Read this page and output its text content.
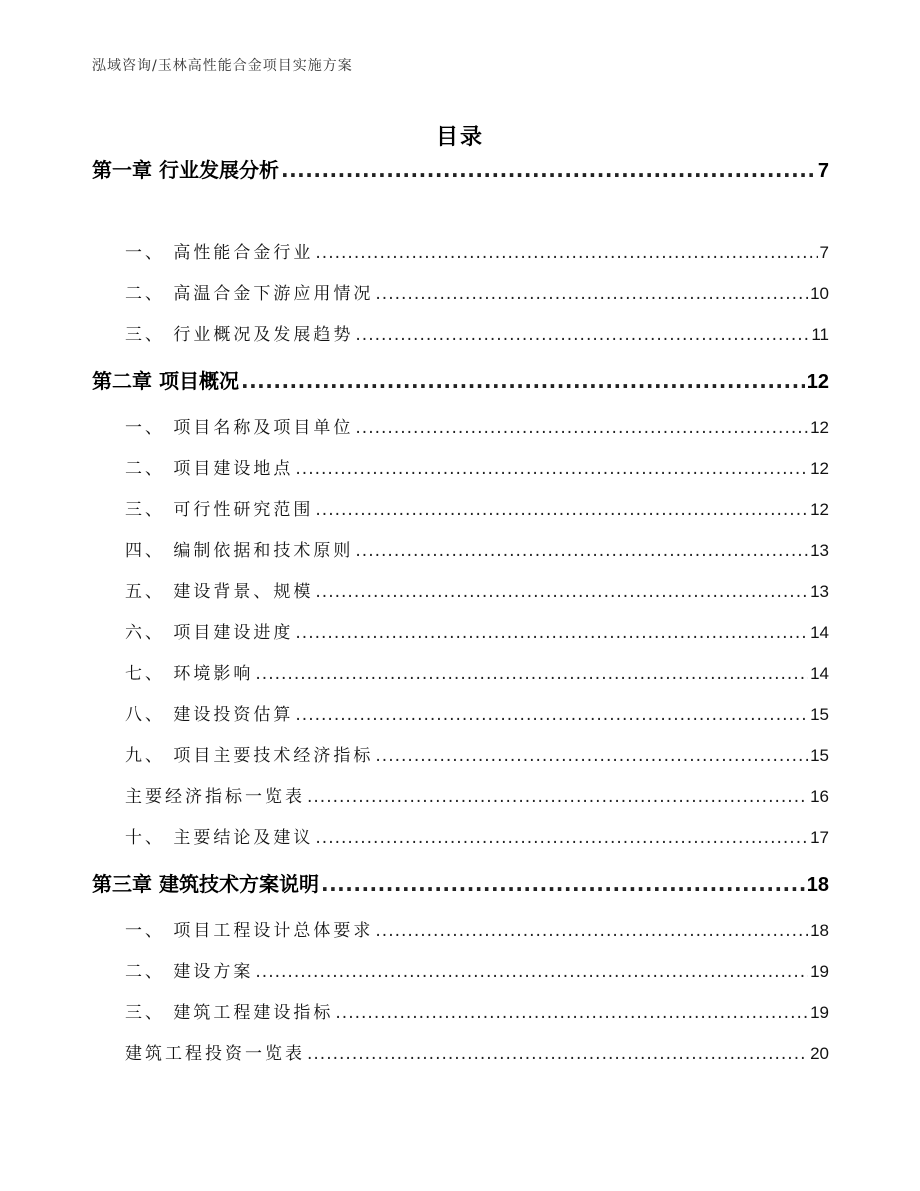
泓域咨询/玉林高性能合金项目实施方案
目录
第一章 行业发展分析 .....	7
一、 高性能合金行业 .....	7
二、 高温合金下游应用情况 .....	10
三、 行业概况及发展趋势 .....	11
第二章 项目概况 .....	12
一、 项目名称及项目单位 .....	12
二、 项目建设地点 .....	12
三、 可行性研究范围 .....	12
四、 编制依据和技术原则 .....	13
五、 建设背景、规模 .....	13
六、 项目建设进度 .....	14
七、 环境影响 .....	14
八、 建设投资估算 .....	15
九、 项目主要技术经济指标 .....	15
主要经济指标一览表 .....	16
十、 主要结论及建议 .....	17
第三章 建筑技术方案说明 .....	18
一、 项目工程设计总体要求 .....	18
二、 建设方案 .....	19
三、 建筑工程建设指标 .....	19
建筑工程投资一览表 .....	20
